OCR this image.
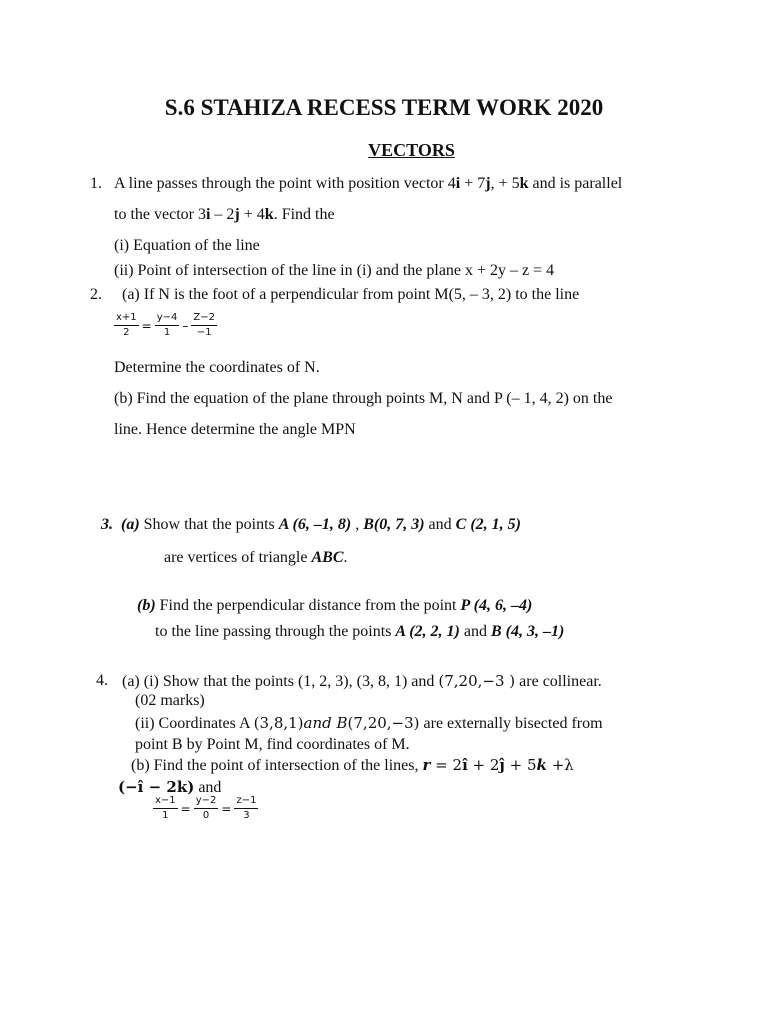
S.6 STAHIZA RECESS TERM WORK 2020
VECTORS
1. A line passes through the point with position vector 4i + 7j, + 5k and is parallel
to the vector 3i – 2j + 4k. Find the
(i) Equation of the line
(ii) Point of intersection of the line in (i) and the plane x + 2y – z = 4
2. (a) If N is the foot of a perpendicular from point M(5, – 3, 2) to the line
$\frac{x+1}{2} = \frac{y-4}{1} - \frac{Z-2}{-1}$
Determine the coordinates of N.
(b) Find the equation of the plane through points M, N and P (– 1, 4, 2) on the
line. Hence determine the angle MPN
3. (a) Show that the points A (6, –1, 8) , B(0, 7, 3) and C (2, 1, 5)
are vertices of triangle ABC.
(b) Find the perpendicular distance from the point P (4, 6, –4)
to the line passing through the points A (2, 2, 1) and B (4, 3, –1)
4. (a) (i) Show that the points (1, 2, 3), (3, 8, 1) and (7,20,−3 ) are collinear.
(02 marks)
(ii) Coordinates A (3,8,1)and B(7,20,−3) are externally bisected from
point B by Point M, find coordinates of M.
(b) Find the point of intersection of the lines, r = 2î + 2ĵ + 5k +λ
(−î − 2k) and
$\frac{x-1}{1} = \frac{y-2}{0} = \frac{z-1}{3}$
